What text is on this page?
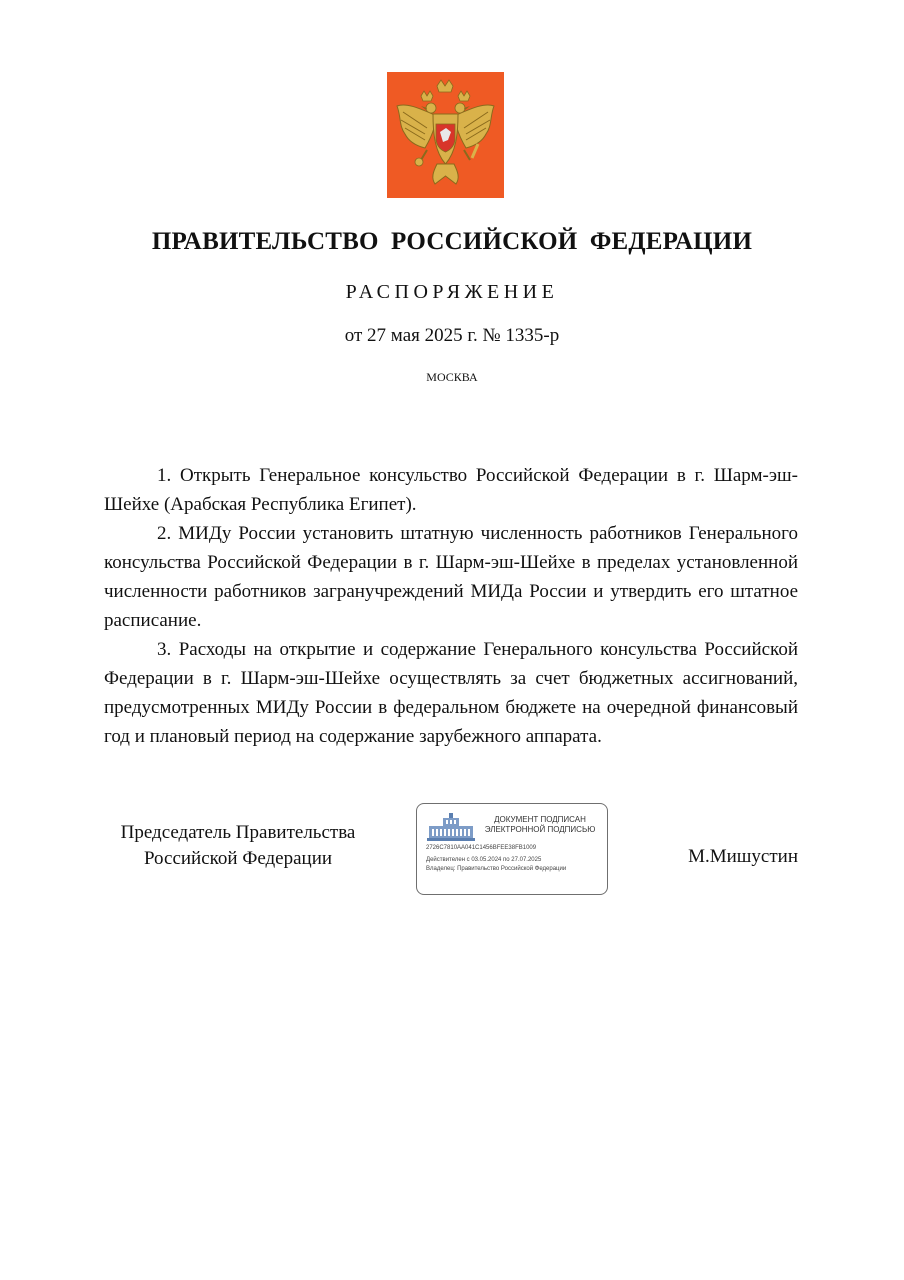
ПРАВИТЕЛЬСТВО РОССИЙСКОЙ ФЕДЕРАЦИИ
РАСПОРЯЖЕНИЕ
от 27 мая 2025 г. № 1335-р
МОСКВА

1. Открыть Генеральное консульство Российской Федерации в г. Шарм-эш-Шейхе (Арабская Республика Египет).

2. МИДу России установить штатную численность работников Генерального консульства Российской Федерации в г. Шарм-эш-Шейхе в пределах установленной численности работников загранучреждений МИДа России и утвердить его штатное расписание.

3. Расходы на открытие и содержание Генерального консульства Российской Федерации в г. Шарм-эш-Шейхе осуществлять за счет бюджетных ассигнований, предусмотренных МИДу России в федеральном бюджете на очередной финансовый год и плановый период на содержание зарубежного аппарата.

Председатель Правительства
Российской Федерации
ДОКУМЕНТ ПОДПИСАН
ЭЛЕКТРОННОЙ ПОДПИСЬЮ
2726C7810AA041C1456BFEE38FB1009
Действителен с 03.05.2024 по 27.07.2025
Владелец: Правительство Российской Федерации
М.Мишустин
